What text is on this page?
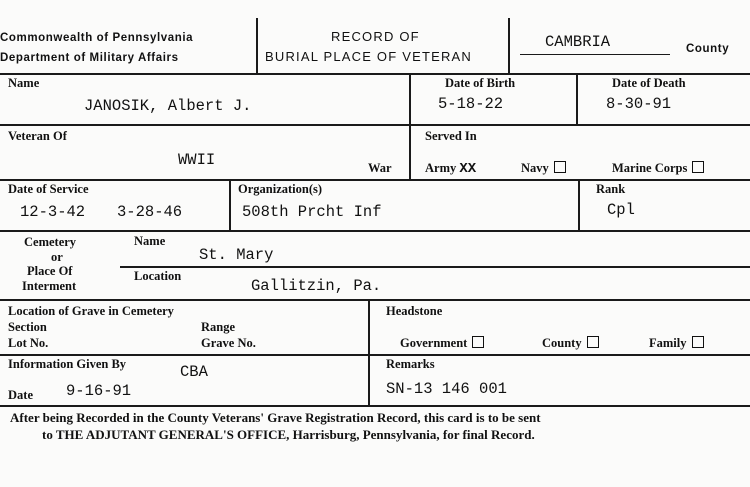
Commonwealth of Pennsylvania
Department of Military Affairs
RECORD OF
BURIAL PLACE OF VETERAN
CAMBRIA	County
Name
JANOSIK, Albert J.
Date of Birth
5-18-22
Date of Death
8-30-91
Veteran Of
WWII	War
Served In
Army XX	Navy	Marine Corps
Date of Service
12-3-42 3-28-46
Organization(s)
508th Prcht Inf
Rank
Cpl
Cemetery
or
Place Of
Interment
Name
St. Mary
Location
Gallitzin, Pa.
Location of Grave in Cemetery
Section
Lot No.
Range
Grave No.
Headstone
Government	County	Family
Information Given By	CBA
Date 9-16-91
Remarks
SN-13 146 001
After being Recorded in the County Veterans' Grave Registration Record, this card is to be sent
to THE ADJUTANT GENERAL'S OFFICE, Harrisburg, Pennsylvania, for final Record.
